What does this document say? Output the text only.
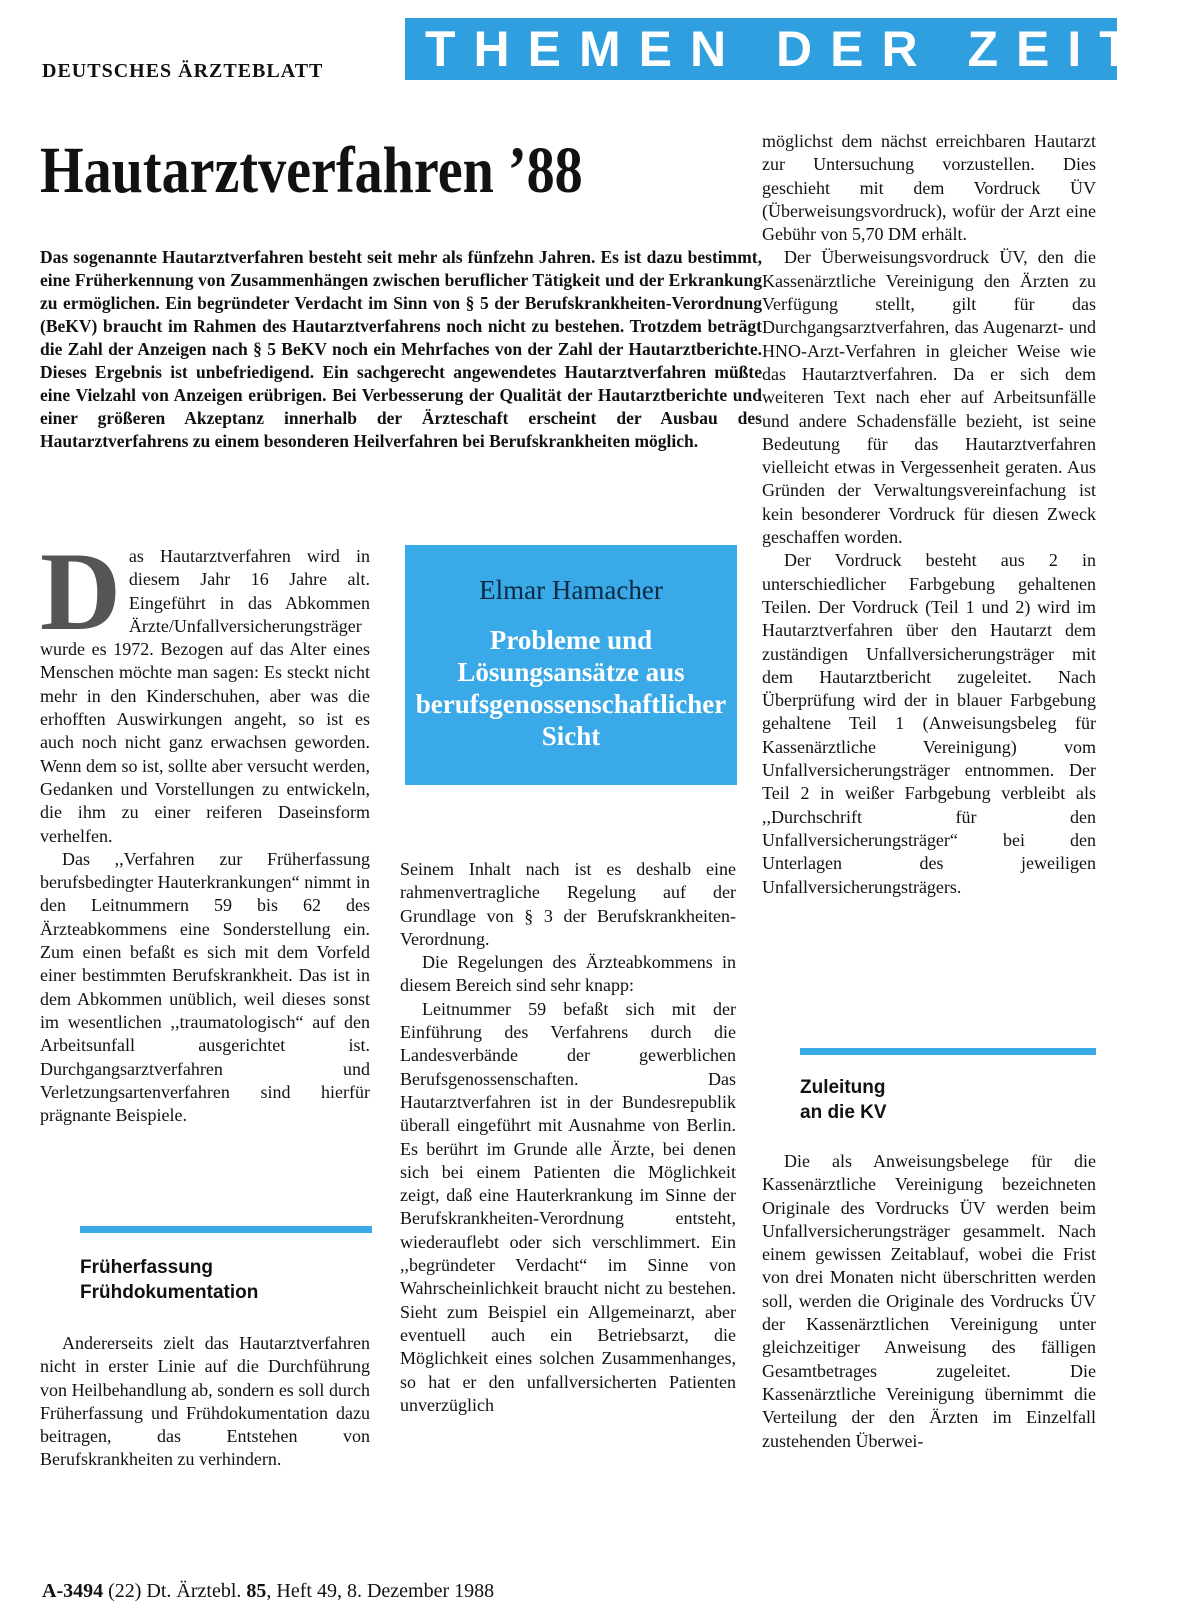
DEUTSCHES ÄRZTEBLATT	THEMEN DER ZEIT
Hautarztverfahren ’88
Das sogenannte Hautarztverfahren besteht seit mehr als fünfzehn Jahren. Es ist dazu bestimmt, eine Früherkennung von Zusammenhängen zwischen beruflicher Tätigkeit und der Erkrankung zu ermöglichen. Ein begründeter Verdacht im Sinn von § 5 der Berufskrankheiten-Verordnung (BeKV) braucht im Rahmen des Hautarztverfahrens noch nicht zu bestehen. Trotzdem beträgt die Zahl der Anzeigen nach § 5 BeKV noch ein Mehrfaches von der Zahl der Hautarztberichte. Dieses Ergebnis ist unbefriedigend. Ein sachgerecht angewendetes Hautarztverfahren müßte eine Vielzahl von Anzeigen erübrigen. Bei Verbesserung der Qualität der Hautarztberichte und einer größeren Akzeptanz innerhalb der Ärzteschaft erscheint der Ausbau des Hautarztverfahrens zu einem besonderen Heilverfahren bei Berufskrankheiten möglich.
D as Hautarztverfahren wird in diesem Jahr 16 Jahre alt. Eingeführt in das Abkommen Ärzte/Unfallversicherungsträger wurde es 1972. Bezogen auf das Alter eines Menschen möchte man sagen: Es steckt nicht mehr in den Kinderschuhen, aber was die erhofften Auswirkungen angeht, so ist es auch noch nicht ganz erwachsen geworden. Wenn dem so ist, sollte aber versucht werden, Gedanken und Vorstellungen zu entwickeln, die ihm zu einer reiferen Daseinsform verhelfen.

Das ,,Verfahren zur Früherfassung berufsbedingter Hauterkrankungen“ nimmt in den Leitnummern 59 bis 62 des Ärzteabkommens eine Sonderstellung ein. Zum einen befaßt es sich mit dem Vorfeld einer bestimmten Berufskrankheit. Das ist in dem Abkommen unüblich, weil dieses sonst im wesentlichen ,,traumatologisch“ auf den Arbeitsunfall ausgerichtet ist. Durchgangsarztverfahren und Verletzungsartenverfahren sind hierfür prägnante Beispiele.

Früherfassung
Frühdokumentation

Andererseits zielt das Hautarztverfahren nicht in erster Linie auf die Durchführung von Heilbehandlung ab, sondern es soll durch Früherfassung und Frühdokumentation dazu beitragen, das Entstehen von Berufskrankheiten zu verhindern.

Elmar Hamacher
Probleme und Lösungsansätze aus berufsgenossenschaftlicher Sicht

Seinem Inhalt nach ist es deshalb eine rahmenvertragliche Regelung auf der Grundlage von § 3 der Berufskrankheiten-Verordnung.

Die Regelungen des Ärzteabkommens in diesem Bereich sind sehr knapp:

Leitnummer 59 befaßt sich mit der Einführung des Verfahrens durch die Landesverbände der gewerblichen Berufsgenossenschaften. Das Hautarztverfahren ist in der Bundesrepublik überall eingeführt mit Ausnahme von Berlin. Es berührt im Grunde alle Ärzte, bei denen sich bei einem Patienten die Möglichkeit zeigt, daß eine Hauterkrankung im Sinne der Berufskrankheiten-Verordnung entsteht, wiederauflebt oder sich verschlimmert. Ein ,,begründeter Verdacht“ im Sinne von Wahrscheinlichkeit braucht nicht zu bestehen. Sieht zum Beispiel ein Allgemeinarzt, aber eventuell auch ein Betriebsarzt, die Möglichkeit eines solchen Zusammenhanges, so hat er den unfallversicherten Patienten unverzüglich

möglichst dem nächst erreichbaren Hautarzt zur Untersuchung vorzustellen. Dies geschieht mit dem Vordruck ÜV (Überweisungsvordruck), wofür der Arzt eine Gebühr von 5,70 DM erhält.

Der Überweisungsvordruck ÜV, den die Kassenärztliche Vereinigung den Ärzten zu Verfügung stellt, gilt für das Durchgangsarztverfahren, das Augenarzt- und HNO-Arzt-Verfahren in gleicher Weise wie das Hautarztverfahren. Da er sich dem weiteren Text nach eher auf Arbeitsunfälle und andere Schadensfälle bezieht, ist seine Bedeutung für das Hautarztverfahren vielleicht etwas in Vergessenheit geraten. Aus Gründen der Verwaltungsvereinfachung ist kein besonderer Vordruck für diesen Zweck geschaffen worden.

Der Vordruck besteht aus 2 in unterschiedlicher Farbgebung gehaltenen Teilen. Der Vordruck (Teil 1 und 2) wird im Hautarztverfahren über den Hautarzt dem zuständigen Unfallversicherungsträger mit dem Hautarztbericht zugeleitet. Nach Überprüfung wird der in blauer Farbgebung gehaltene Teil 1 (Anweisungsbeleg für Kassenärztliche Vereinigung) vom Unfallversicherungsträger entnommen. Der Teil 2 in weißer Farbgebung verbleibt als ,,Durchschrift für den Unfallversicherungsträger“ bei den Unterlagen des jeweiligen Unfallversicherungsträgers.

Zuleitung
an die KV

Die als Anweisungsbelege für die Kassenärztliche Vereinigung bezeichneten Originale des Vordrucks ÜV werden beim Unfallversicherungsträger gesammelt. Nach einem gewissen Zeitablauf, wobei die Frist von drei Monaten nicht überschritten werden soll, werden die Originale des Vordrucks ÜV der Kassenärztlichen Vereinigung unter gleichzeitiger Anweisung des fälligen Gesamtbetrages zugeleitet. Die Kassenärztliche Vereinigung übernimmt die Verteilung der den Ärzten im Einzelfall zustehenden Überwei-

A-3494 (22) Dt. Ärztebl. 85, Heft 49, 8. Dezember 1988
